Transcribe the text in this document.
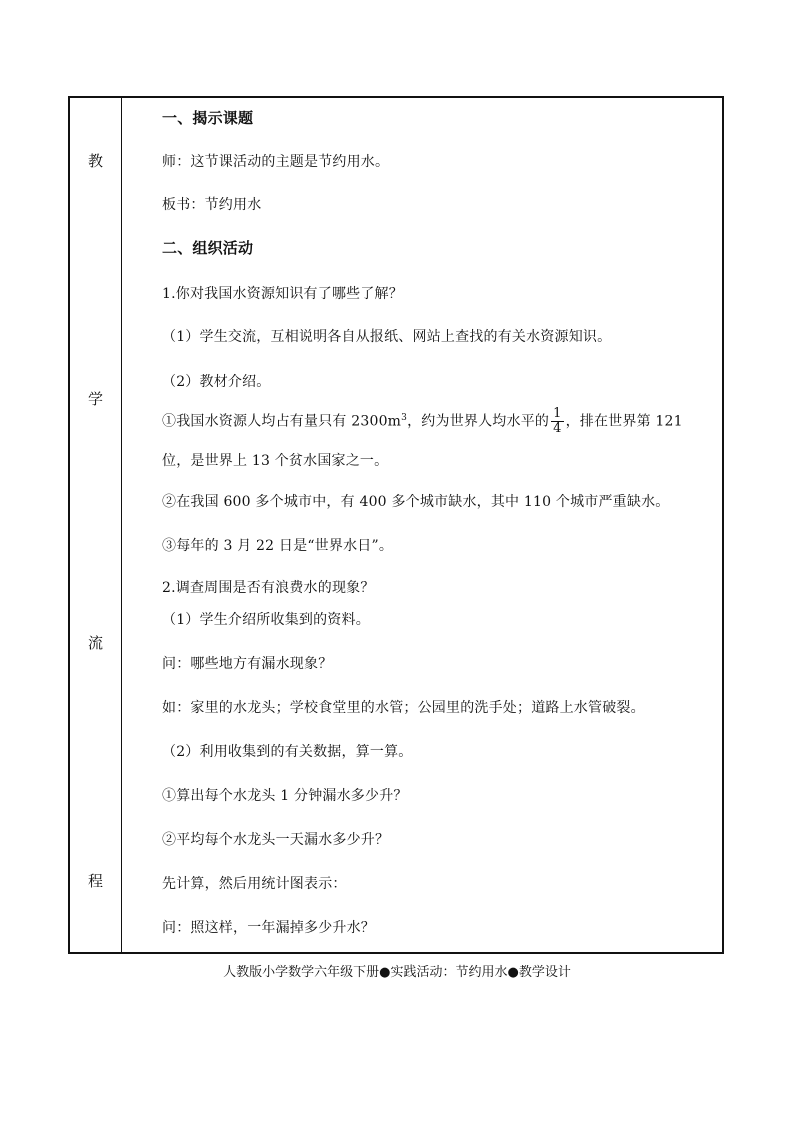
教
学
流
程
一、揭示课题
师：这节课活动的主题是节约用水。
板书：节约用水
二、组织活动
1.你对我国水资源知识有了哪些了解？
（1）学生交流，互相说明各自从报纸、网站上查找的有关水资源知识。
（2）教材介绍。
①我国水资源人均占有量只有 $2300m^3$，约为世界人均水平的 $\frac{1}{4}$ ，排在世界第 121
位，是世界上 13 个贫水国家之一。
②在我国 600 多个城市中，有 400 多个城市缺水，其中 110 个城市严重缺水。
③每年的 3 月 22 日是“世界水日”。
2.调查周围是否有浪费水的现象？
（1）学生介绍所收集到的资料。
问：哪些地方有漏水现象？
如：家里的水龙头；学校食堂里的水管；公园里的洗手处；道路上水管破裂。
（2）利用收集到的有关数据，算一算。
①算出每个水龙头 1 分钟漏水多少升？
②平均每个水龙头一天漏水多少升？
先计算，然后用统计图表示：
问：照这样，一年漏掉多少升水？
人教版小学数学六年级下册●实践活动：节约用水●教学设计
